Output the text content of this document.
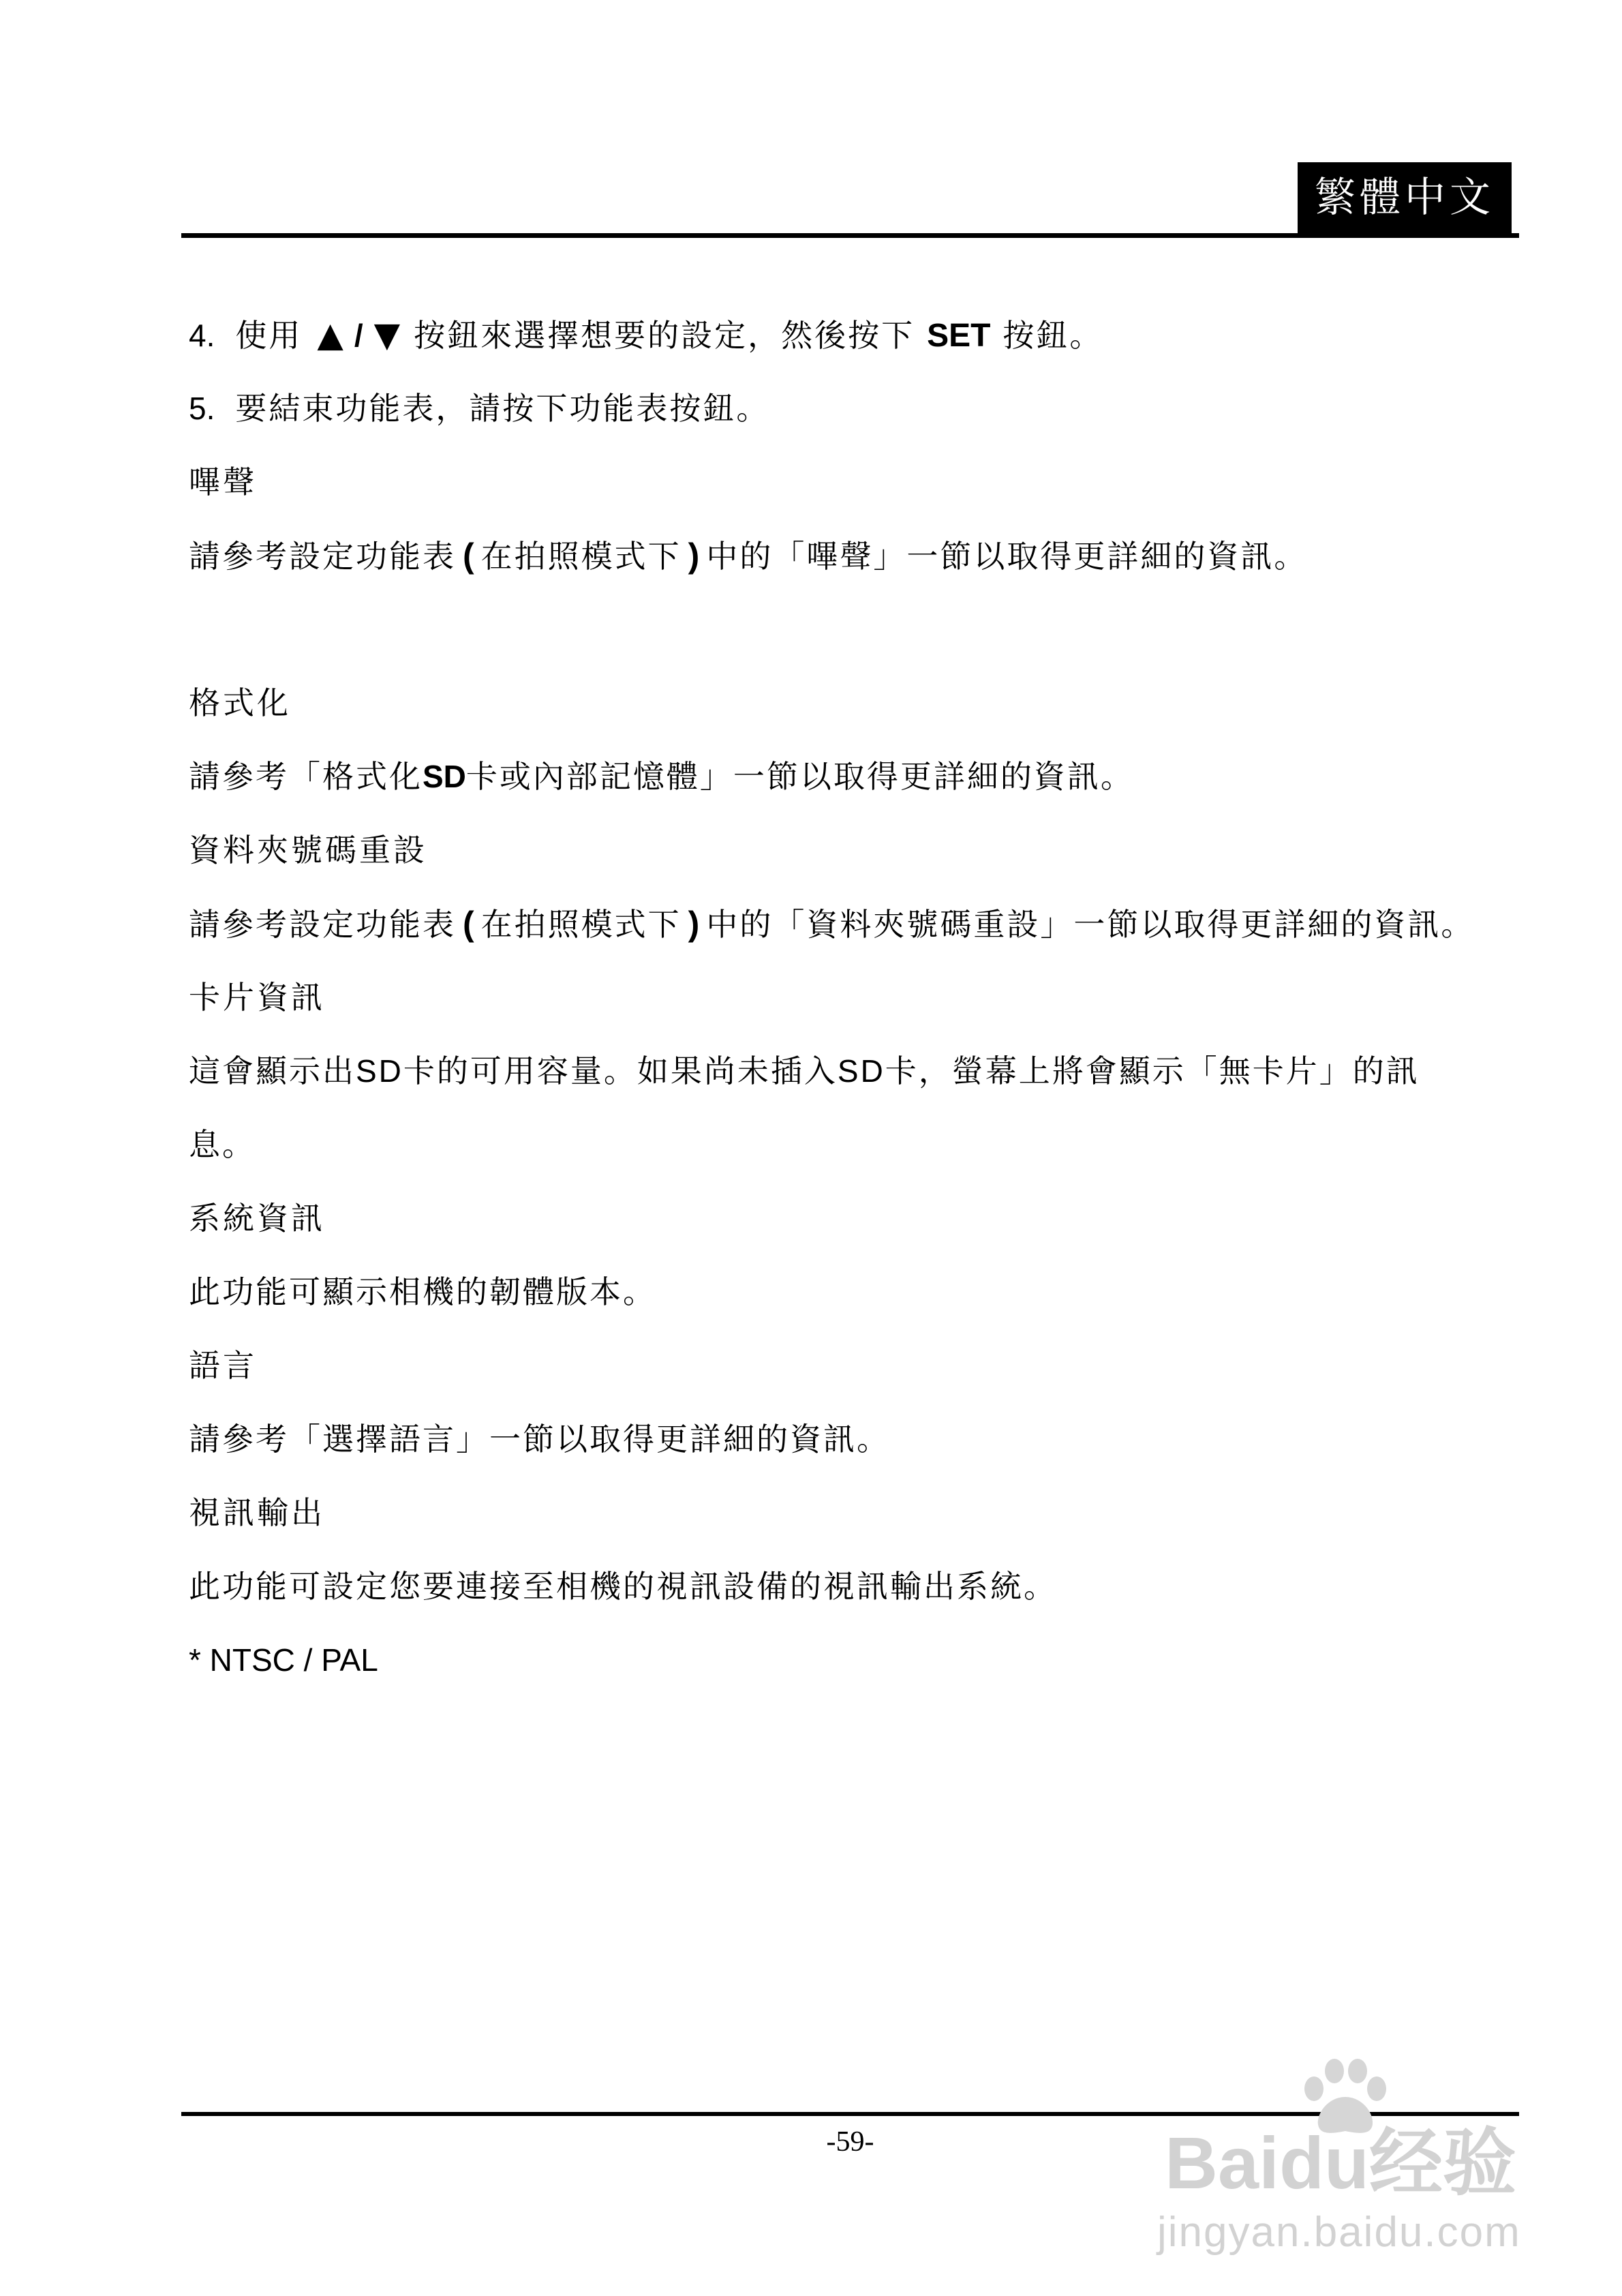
繁體中文
4. 使用 ▲ / ▼ 按鈕來選擇想要的設定，然後按下 SET 按鈕。
5. 要結束功能表，請按下功能表按鈕。
嗶聲
請參考設定功能表 ( 在拍照模式下 ) 中的「嗶聲」一節以取得更詳細的資訊。
格式化
請參考「格式化 SD 卡或內部記憶體」一節以取得更詳細的資訊。
資料夾號碼重設
請參考設定功能表 ( 在拍照模式下 ) 中的「資料夾號碼重設」一節以取得更詳細的資訊。
卡片資訊
這會顯示出SD卡的可用容量。如果尚未插入SD卡，螢幕上將會顯示「無卡片」的訊
息。
系統資訊
此功能可顯示相機的韌體版本。
語言
請參考「選擇語言」一節以取得更詳細的資訊。
視訊輸出
此功能可設定您要連接至相機的視訊設備的視訊輸出系統。
* NTSC / PAL
-59-	Baidu经验
jingyan.baidu.com
